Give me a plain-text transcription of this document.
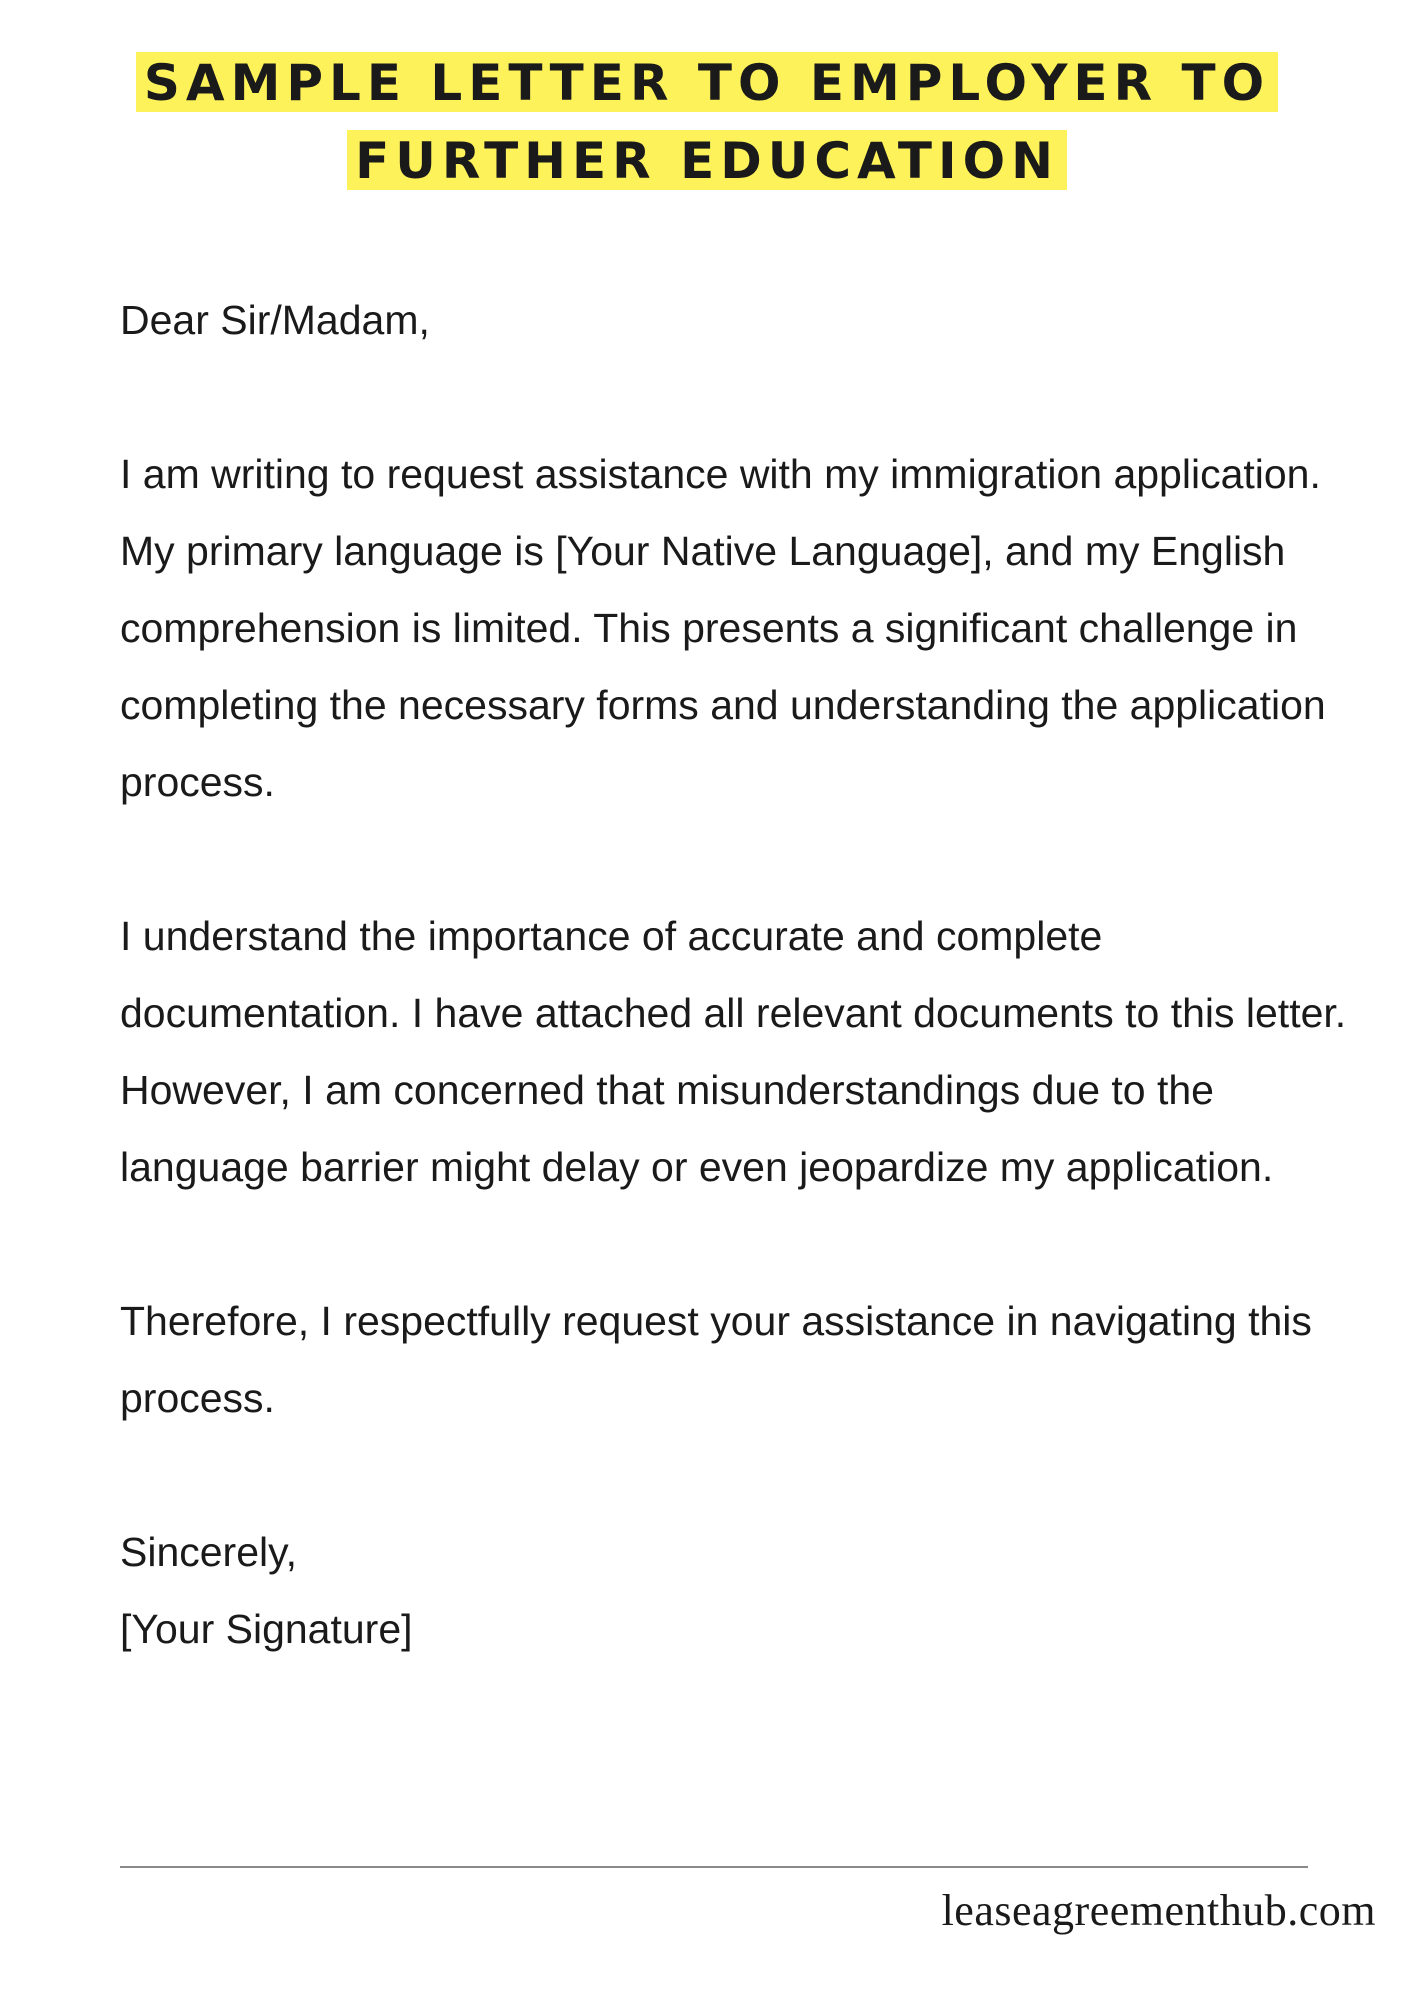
SAMPLE LETTER TO EMPLOYER TO
FURTHER EDUCATION

Dear Sir/Madam,

I am writing to request assistance with my immigration application. My primary language is [Your Native Language], and my English comprehension is limited. This presents a significant challenge in completing the necessary forms and understanding the application process.

I understand the importance of accurate and complete documentation. I have attached all relevant documents to this letter. However, I am concerned that misunderstandings due to the language barrier might delay or even jeopardize my application.

Therefore, I respectfully request your assistance in navigating this process.

Sincerely,

[Your Signature]

leaseagreementhub.com
